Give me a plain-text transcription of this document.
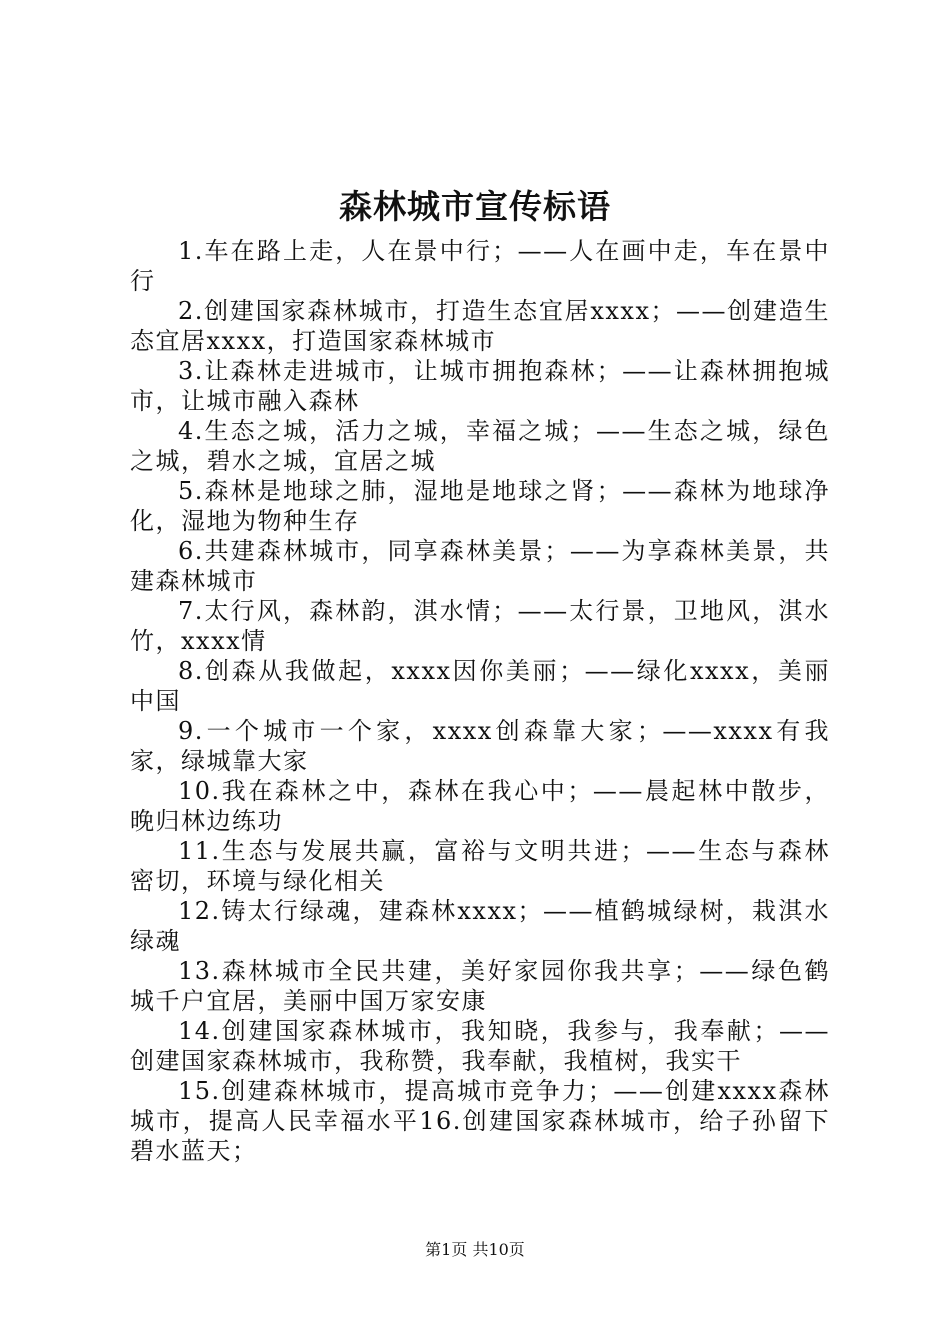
森林城市宣传标语
1.车在路上走，人在景中行；——人在画中走，车在景中行
2.创建国家森林城市，打造生态宜居xxxx；——创建造生态宜居xxxx，打造国家森林城市
3.让森林走进城市，让城市拥抱森林；——让森林拥抱城市，让城市融入森林
4.生态之城，活力之城，幸福之城；——生态之城，绿色之城，碧水之城，宜居之城
5.森林是地球之肺，湿地是地球之肾；——森林为地球净化，湿地为物种生存
6.共建森林城市，同享森林美景；——为享森林美景，共建森林城市
7.太行风，森林韵，淇水情；——太行景，卫地风，淇水竹，xxxx情
8.创森从我做起，xxxx因你美丽；——绿化xxxx，美丽中国
9.一个城市一个家，xxxx创森靠大家；——xxxx有我家，绿城靠大家
10.我在森林之中，森林在我心中；——晨起林中散步，晚归林边练功
11.生态与发展共赢，富裕与文明共进；——生态与森林密切，环境与绿化相关
12.铸太行绿魂，建森林xxxx；——植鹤城绿树，栽淇水绿魂
13.森林城市全民共建，美好家园你我共享；——绿色鹤城千户宜居，美丽中国万家安康
14.创建国家森林城市，我知晓，我参与，我奉献；——创建国家森林城市，我称赞，我奉献，我植树，我实干
15.创建森林城市，提高城市竞争力；——创建xxxx森林城市，提高人民幸福水平16.创建国家森林城市，给子孙留下碧水蓝天；
第1页 共10页
